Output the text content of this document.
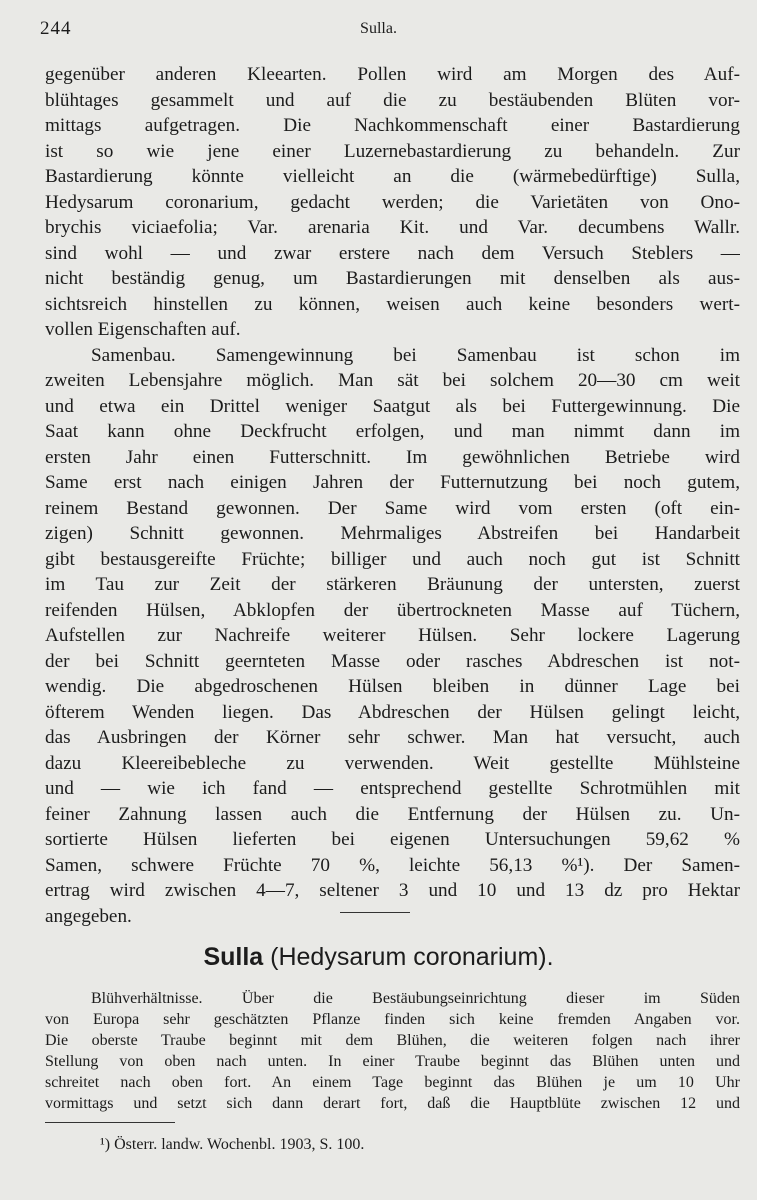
244	Sulla.
gegenüber anderen Kleearten. Pollen wird am Morgen des Auf-
blühtages gesammelt und auf die zu bestäubenden Blüten vor-
mittags aufgetragen. Die Nachkommenschaft einer Bastardierung
ist so wie jene einer Luzernebastardierung zu behandeln. Zur
Bastardierung könnte vielleicht an die (wärmebedürftige) Sulla,
Hedysarum coronarium, gedacht werden; die Varietäten von Ono-
brychis viciaefolia; Var. arenaria Kit. und Var. decumbens Wallr.
sind wohl — und zwar erstere nach dem Versuch Steblers —
nicht beständig genug, um Bastardierungen mit denselben als aus-
sichtsreich hinstellen zu können, weisen auch keine besonders wert-
vollen Eigenschaften auf.
Samenbau. Samengewinnung bei Samenbau ist schon im
zweiten Lebensjahre möglich. Man sät bei solchem 20—30 cm weit
und etwa ein Drittel weniger Saatgut als bei Futtergewinnung. Die
Saat kann ohne Deckfrucht erfolgen, und man nimmt dann im
ersten Jahr einen Futterschnitt. Im gewöhnlichen Betriebe wird
Same erst nach einigen Jahren der Futternutzung bei noch gutem,
reinem Bestand gewonnen. Der Same wird vom ersten (oft ein-
zigen) Schnitt gewonnen. Mehrmaliges Abstreifen bei Handarbeit
gibt bestausgereifte Früchte; billiger und auch noch gut ist Schnitt
im Tau zur Zeit der stärkeren Bräunung der untersten, zuerst
reifenden Hülsen, Abklopfen der übertrockneten Masse auf Tüchern,
Aufstellen zur Nachreife weiterer Hülsen. Sehr lockere Lagerung
der bei Schnitt geernteten Masse oder rasches Abdreschen ist not-
wendig. Die abgedroschenen Hülsen bleiben in dünner Lage bei
öfterem Wenden liegen. Das Abdreschen der Hülsen gelingt leicht,
das Ausbringen der Körner sehr schwer. Man hat versucht, auch
dazu Kleereibebleche zu verwenden. Weit gestellte Mühlsteine
und — wie ich fand — entsprechend gestellte Schrotmühlen mit
feiner Zahnung lassen auch die Entfernung der Hülsen zu. Un-
sortierte Hülsen lieferten bei eigenen Untersuchungen 59,62 %
Samen, schwere Früchte 70 %, leichte 56,13 %¹). Der Samen-
ertrag wird zwischen 4—7, seltener 3 und 10 und 13 dz pro Hektar
angegeben.
Sulla (Hedysarum coronarium).
Blühverhältnisse. Über die Bestäubungseinrichtung dieser im Süden
von Europa sehr geschätzten Pflanze finden sich keine fremden Angaben vor.
Die oberste Traube beginnt mit dem Blühen, die weiteren folgen nach ihrer
Stellung von oben nach unten. In einer Traube beginnt das Blühen unten und
schreitet nach oben fort. An einem Tage beginnt das Blühen je um 10 Uhr
vormittags und setzt sich dann derart fort, daß die Hauptblüte zwischen 12 und
¹) Österr. landw. Wochenbl. 1903, S. 100.
